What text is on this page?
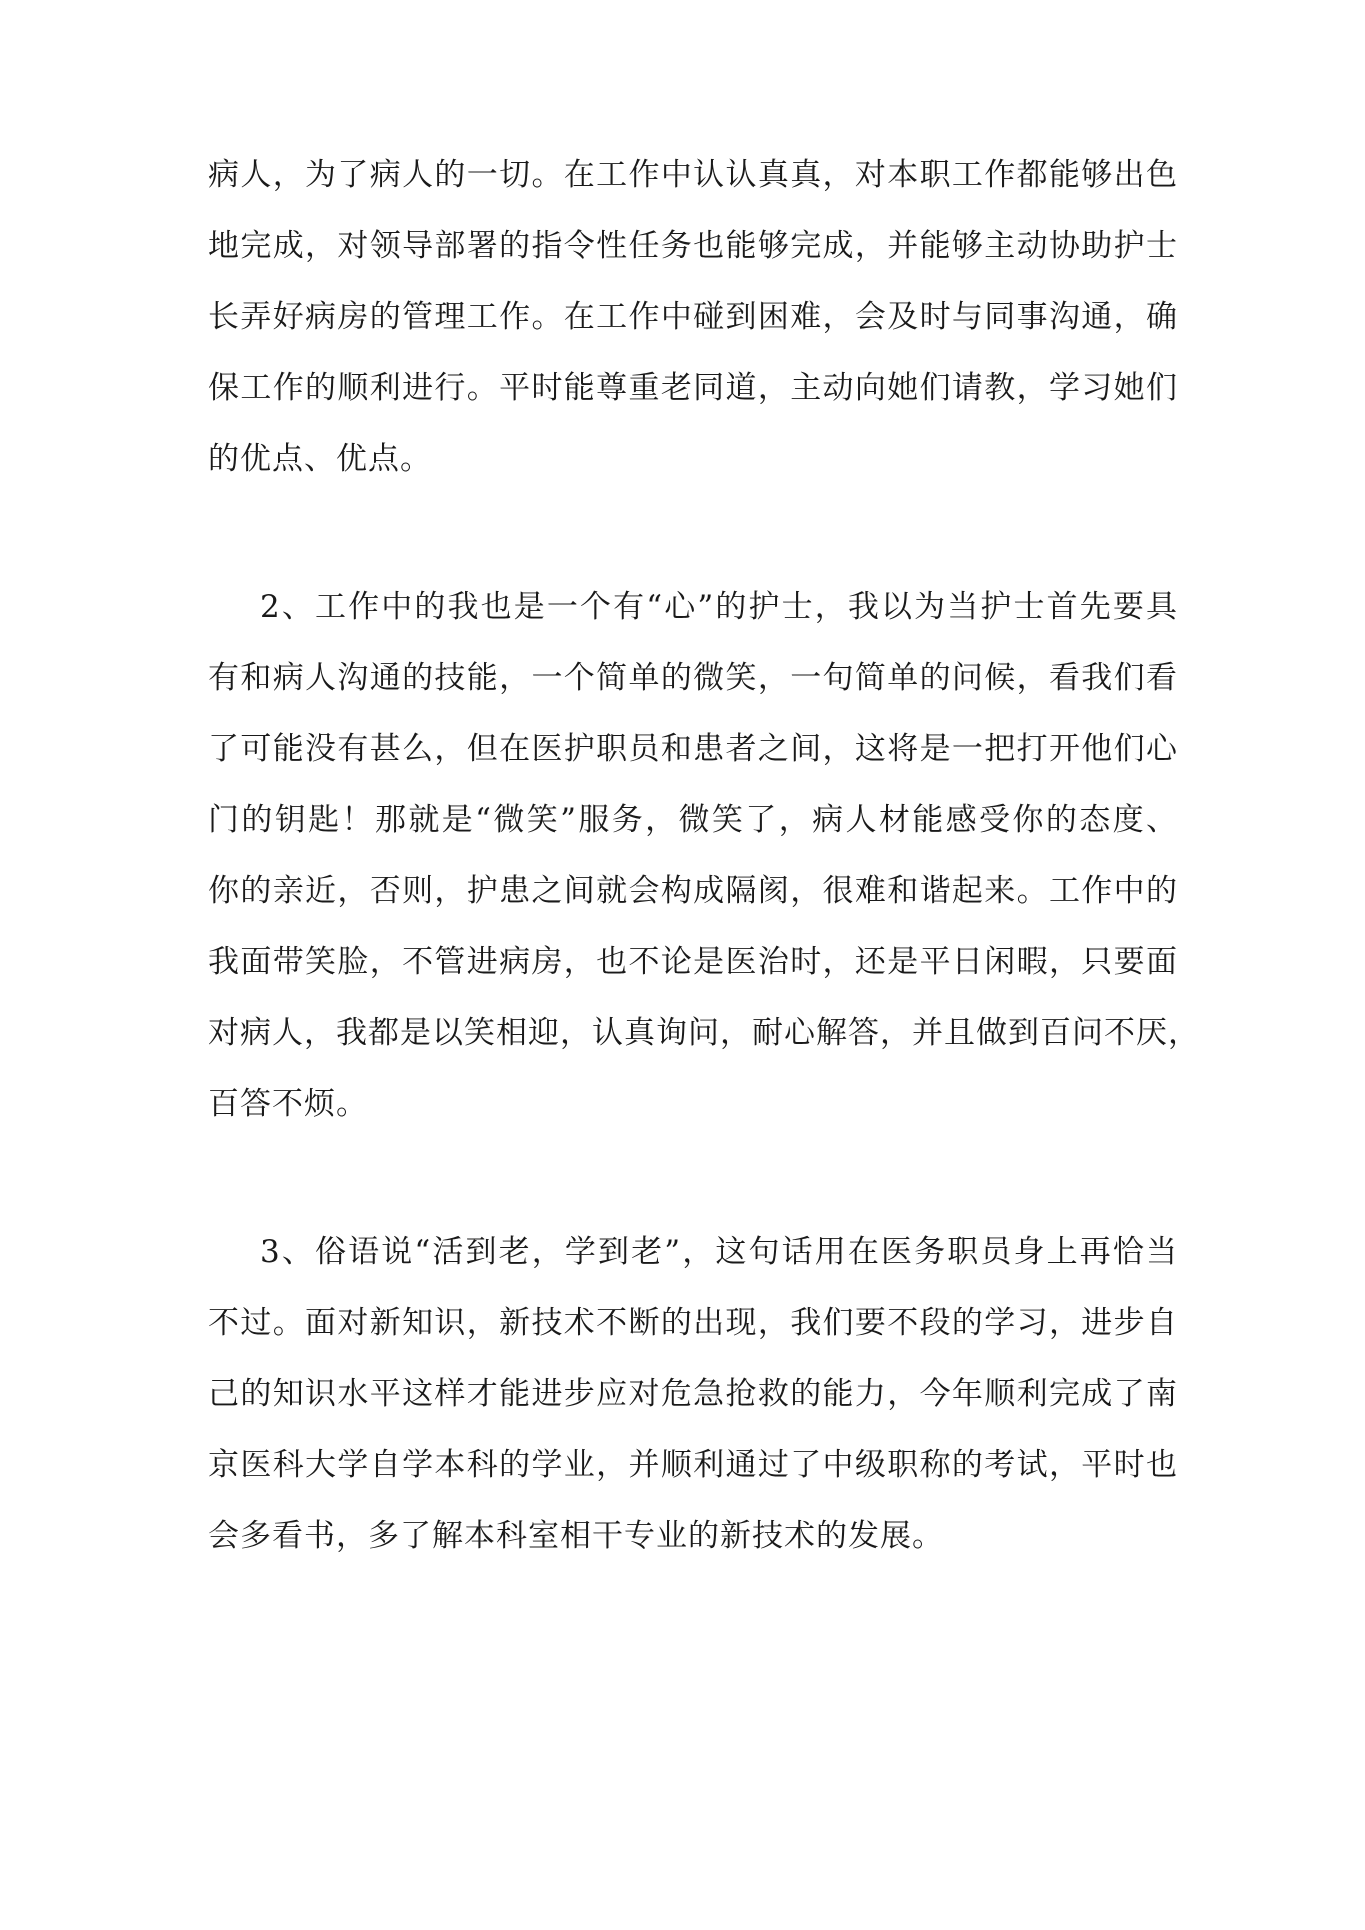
病人，为了病人的一切。在工作中认认真真，对本职工作都能够出色
地完成，对领导部署的指令性任务也能够完成，并能够主动协助护士
长弄好病房的管理工作。在工作中碰到困难，会及时与同事沟通，确
保工作的顺利进行。平时能尊重老同道，主动向她们请教，学习她们
的优点、优点。
2、工作中的我也是一个有“心”的护士，我以为当护士首先要具
有和病人沟通的技能，一个简单的微笑，一句简单的问候，看我们看
了可能没有甚么，但在医护职员和患者之间，这将是一把打开他们心
门的钥匙！那就是“微笑”服务，微笑了，病人材能感受你的态度、
你的亲近，否则，护患之间就会构成隔阂，很难和谐起来。工作中的
我面带笑脸，不管进病房，也不论是医治时，还是平日闲暇，只要面
对病人，我都是以笑相迎，认真询问，耐心解答，并且做到百问不厌，
百答不烦。
3、俗语说“活到老，学到老”，这句话用在医务职员身上再恰当
不过。面对新知识，新技术不断的出现，我们要不段的学习，进步自
己的知识水平这样才能进步应对危急抢救的能力，今年顺利完成了南
京医科大学自学本科的学业，并顺利通过了中级职称的考试，平时也
会多看书，多了解本科室相干专业的新技术的发展。
